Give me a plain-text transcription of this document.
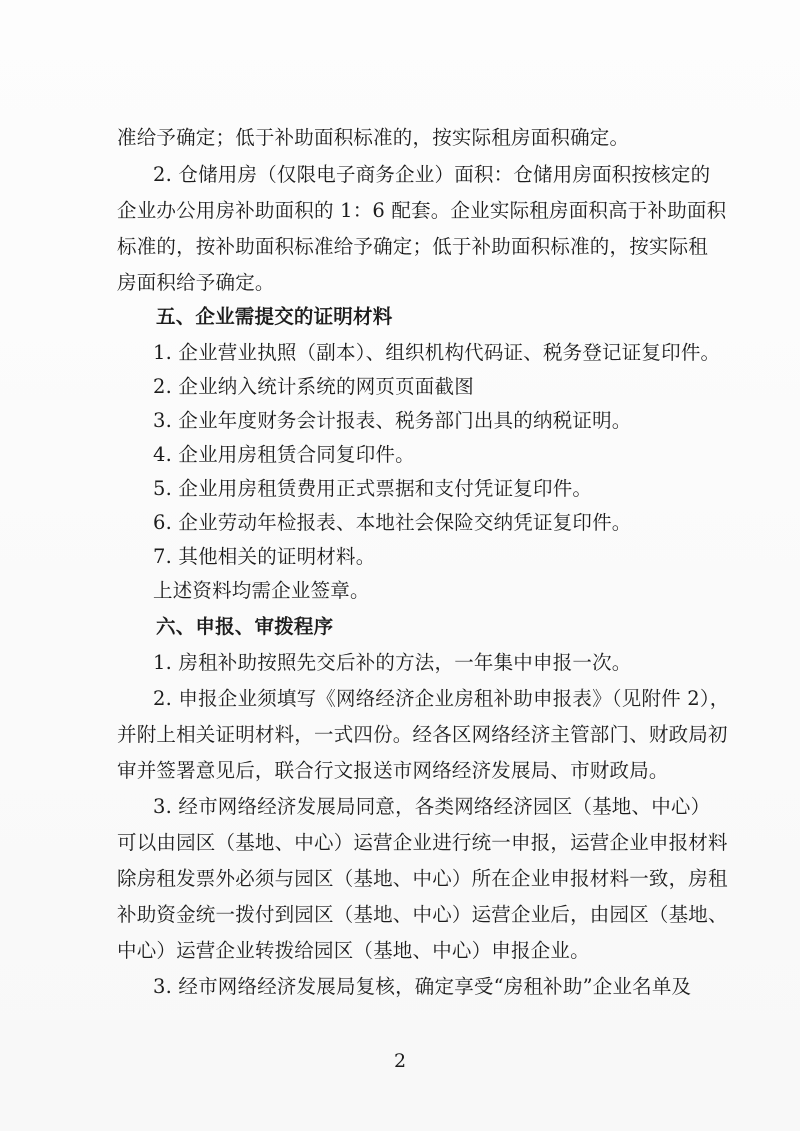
准给予确定；低于补助面积标准的，按实际租房面积确定。
2. 仓储用房（仅限电子商务企业）面积：仓储用房面积按核定的
企业办公用房补助面积的 1：6 配套。企业实际租房面积高于补助面积
标准的，按补助面积标准给予确定；低于补助面积标准的，按实际租
房面积给予确定。
五、企业需提交的证明材料
1. 企业营业执照（副本）、组织机构代码证、税务登记证复印件。
2. 企业纳入统计系统的网页页面截图
3. 企业年度财务会计报表、税务部门出具的纳税证明。
4. 企业用房租赁合同复印件。
5. 企业用房租赁费用正式票据和支付凭证复印件。
6. 企业劳动年检报表、本地社会保险交纳凭证复印件。
7. 其他相关的证明材料。
上述资料均需企业签章。
六、申报、审拨程序
1. 房租补助按照先交后补的方法，一年集中申报一次。
2. 申报企业须填写《网络经济企业房租补助申报表》（见附件 2），
并附上相关证明材料，一式四份。经各区网络经济主管部门、财政局初
审并签署意见后，联合行文报送市网络经济发展局、市财政局。
3. 经市网络经济发展局同意，各类网络经济园区（基地、中心）
可以由园区（基地、中心）运营企业进行统一申报，运营企业申报材料
除房租发票外必须与园区（基地、中心）所在企业申报材料一致，房租
补助资金统一拨付到园区（基地、中心）运营企业后，由园区（基地、
中心）运营企业转拨给园区（基地、中心）申报企业。
3. 经市网络经济发展局复核，确定享受“房租补助”企业名单及
2
